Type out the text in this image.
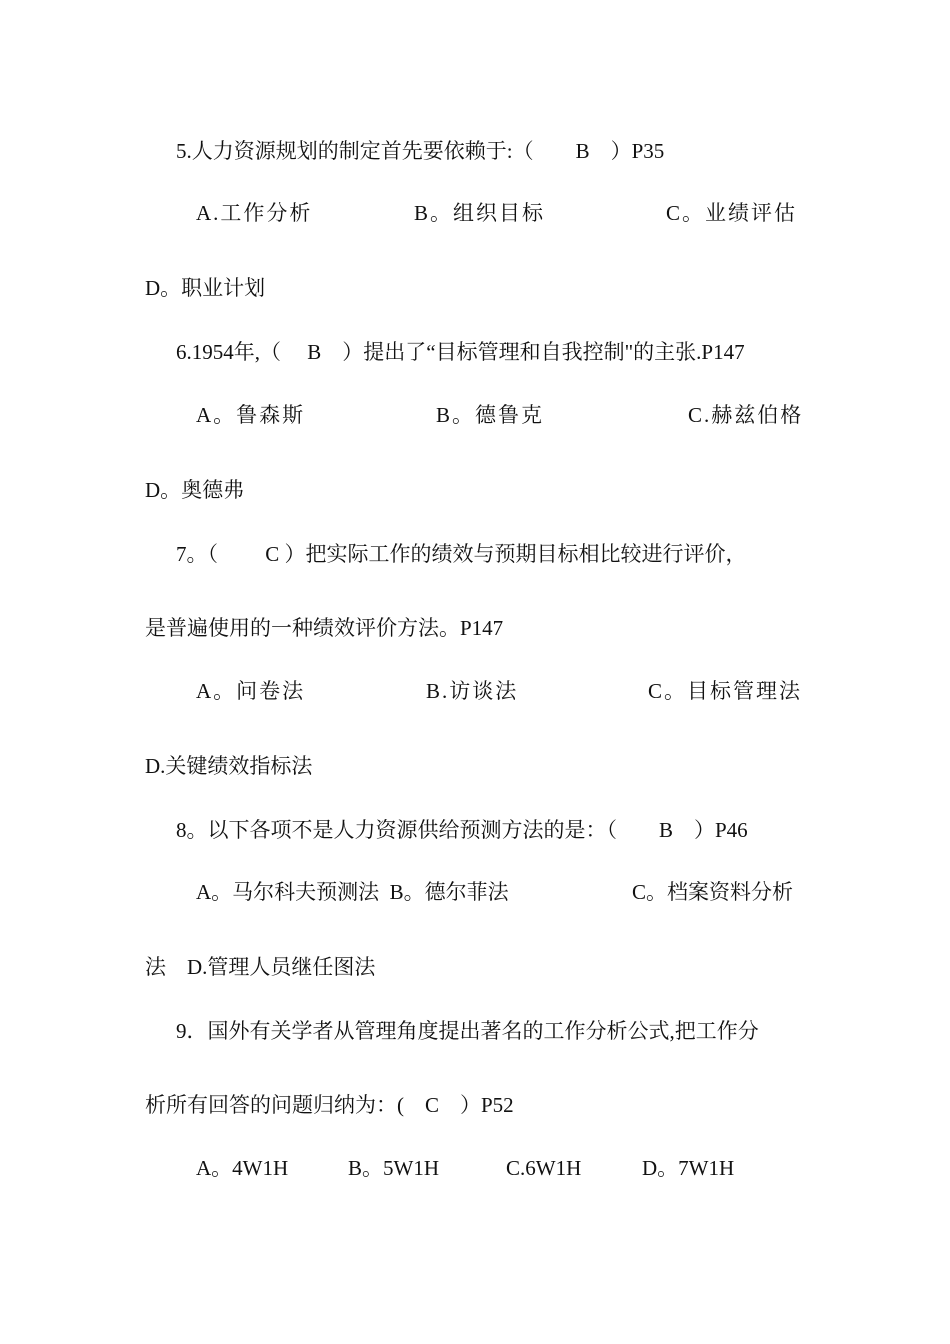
5.人力资源规划的制定首先要依赖于:（　　B　）P35
A.工作分析	B。组织目标	C。业绩评估
D。职业计划
6.1954年,（　 B　）提出了“目标管理和自我控制"的主张.P147
A。鲁森斯	B。德鲁克	C.赫兹伯格
D。奥德弗
7。（　　 C ）把实际工作的绩效与预期目标相比较进行评价，
是普遍使用的一种绩效评价方法。P147
A。问卷法	B.访谈法	C。目标管理法
D.关键绩效指标法
8。以下各项不是人力资源供给预测方法的是：（　　B　）P46
A。马尔科夫预测法  B。德尔菲法	C。档案资料分析
法　D.管理人员继任图法
9．国外有关学者从管理角度提出著名的工作分析公式,把工作分
析所有回答的问题归纳为：(　C　）P52
A。4W1H	B。5W1H	C.6W1H	D。7W1H
